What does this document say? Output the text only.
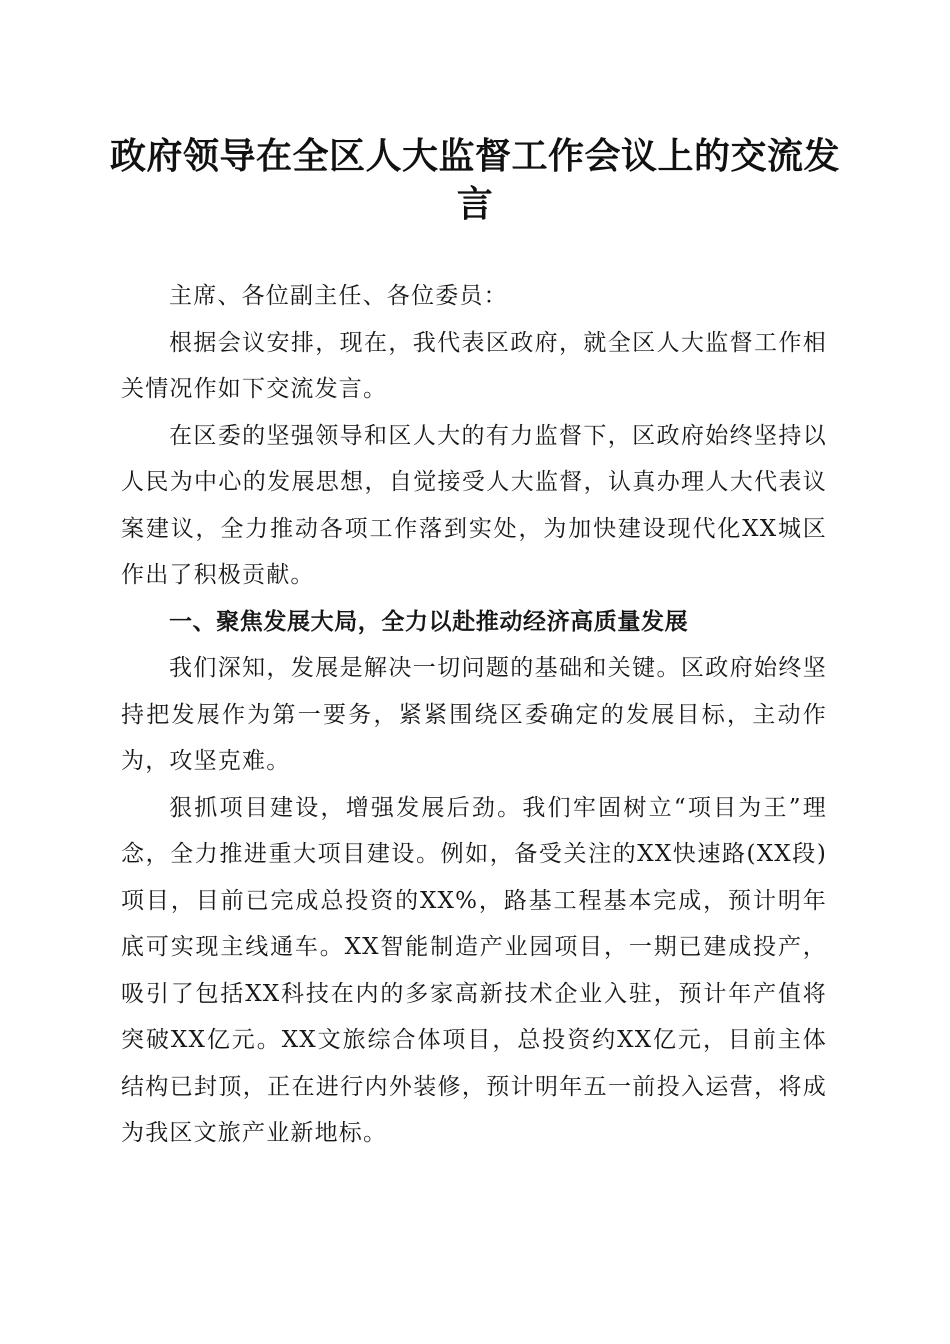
政府领导在全区人大监督工作会议上的交流发言

主席、各位副主任、各位委员：

根据会议安排，现在，我代表区政府，就全区人大监督工作相关情况作如下交流发言。

在区委的坚强领导和区人大的有力监督下，区政府始终坚持以人民为中心的发展思想，自觉接受人大监督，认真办理人大代表议案建议，全力推动各项工作落到实处，为加快建设现代化XX城区作出了积极贡献。

一、聚焦发展大局，全力以赴推动经济高质量发展

我们深知，发展是解决一切问题的基础和关键。区政府始终坚持把发展作为第一要务，紧紧围绕区委确定的发展目标，主动作为，攻坚克难。

狠抓项目建设，增强发展后劲。我们牢固树立“项目为王”理念，全力推进重大项目建设。例如，备受关注的XX快速路(XX段)项目，目前已完成总投资的XX%，路基工程基本完成，预计明年底可实现主线通车。XX智能制造产业园项目，一期已建成投产，吸引了包括XX科技在内的多家高新技术企业入驻，预计年产值将突破XX亿元。XX文旅综合体项目，总投资约XX亿元，目前主体结构已封顶，正在进行内外装修，预计明年五一前投入运营，将成为我区文旅产业新地标。
